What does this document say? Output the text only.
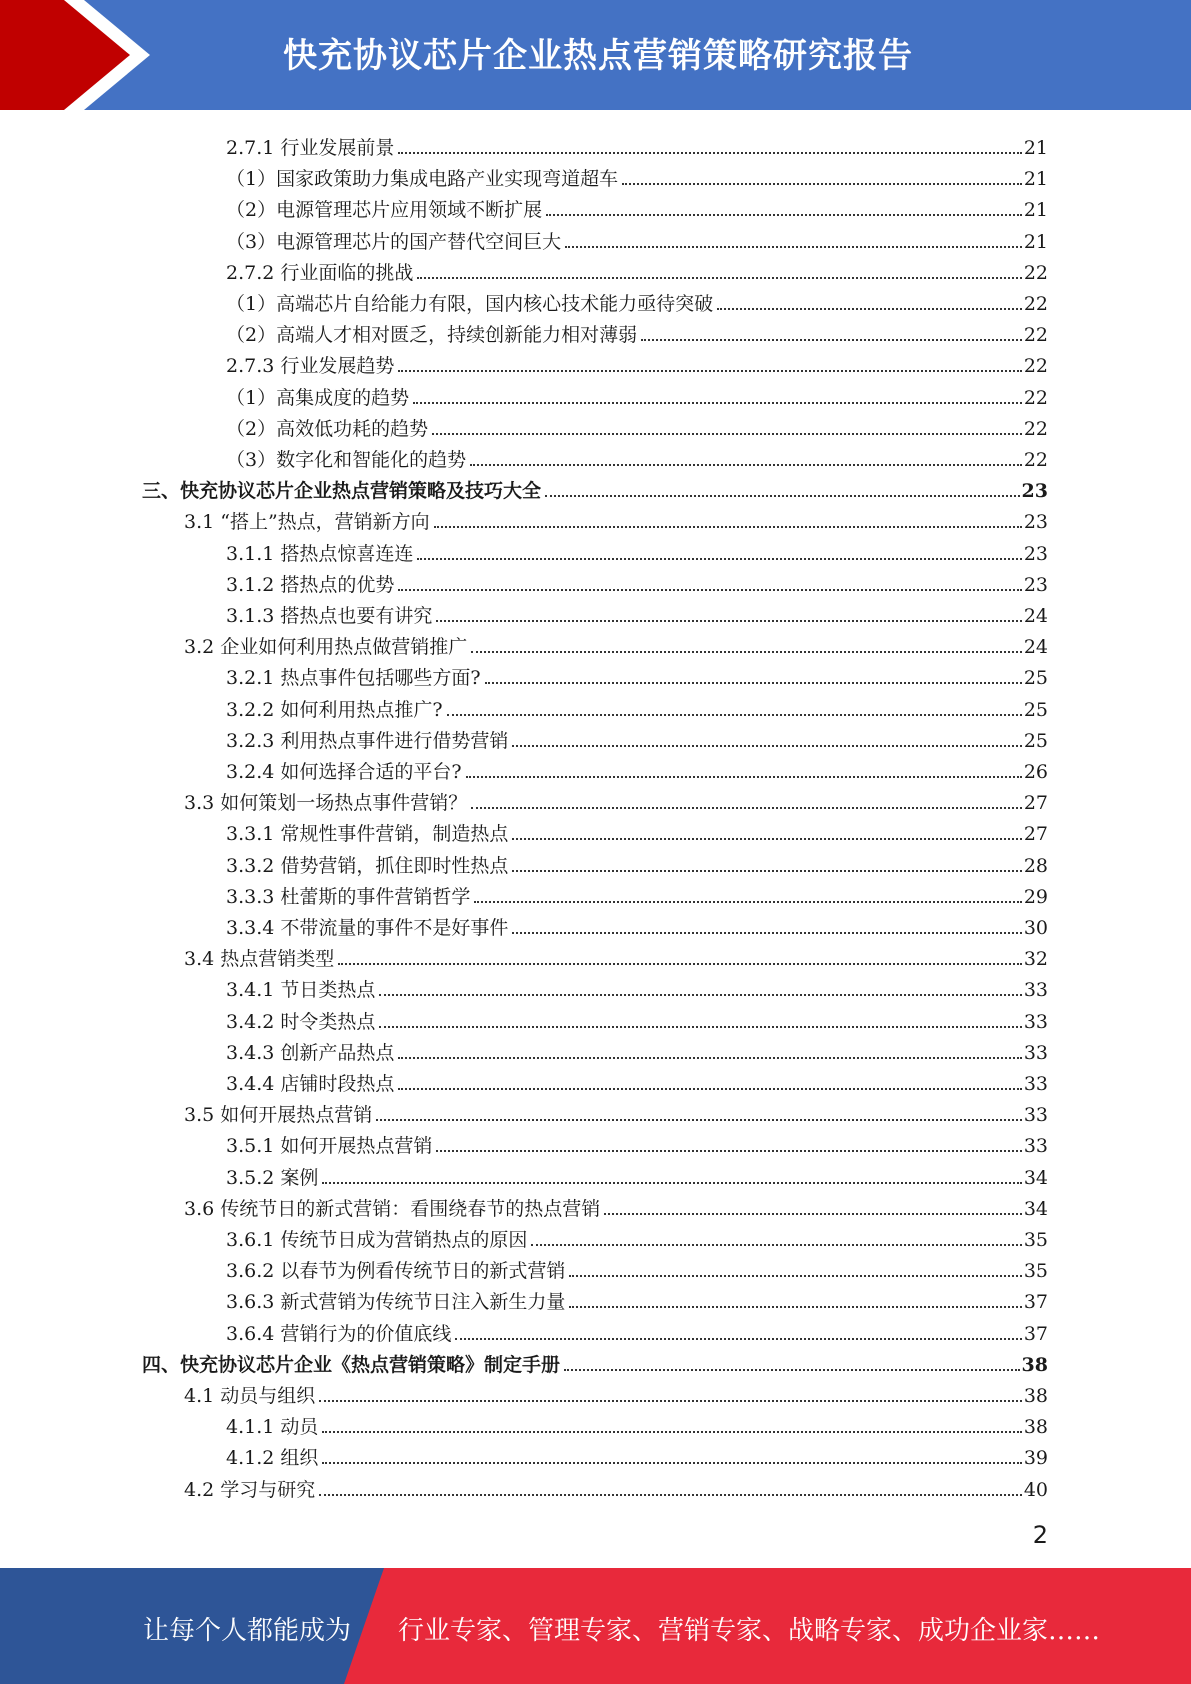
快充协议芯片企业热点营销策略研究报告
2.7.1 行业发展前景	21
（1）国家政策助力集成电路产业实现弯道超车	21
（2）电源管理芯片应用领域不断扩展	21
（3）电源管理芯片的国产替代空间巨大	21
2.7.2 行业面临的挑战	22
（1）高端芯片自给能力有限，国内核心技术能力亟待突破	22
（2）高端人才相对匮乏，持续创新能力相对薄弱	22
2.7.3 行业发展趋势	22
（1）高集成度的趋势	22
（2）高效低功耗的趋势	22
（3）数字化和智能化的趋势	22
三、快充协议芯片企业热点营销策略及技巧大全	23
3.1 “搭上”热点，营销新方向	23
3.1.1 搭热点惊喜连连	23
3.1.2 搭热点的优势	23
3.1.3 搭热点也要有讲究	24
3.2 企业如何利用热点做营销推广	24
3.2.1 热点事件包括哪些方面?	25
3.2.2 如何利用热点推广?	25
3.2.3 利用热点事件进行借势营销	25
3.2.4 如何选择合适的平台?	26
3.3 如何策划一场热点事件营销？	27
3.3.1 常规性事件营销，制造热点	27
3.3.2 借势营销，抓住即时性热点	28
3.3.3 杜蕾斯的事件营销哲学	29
3.3.4 不带流量的事件不是好事件	30
3.4 热点营销类型	32
3.4.1 节日类热点	33
3.4.2 时令类热点	33
3.4.3 创新产品热点	33
3.4.4 店铺时段热点	33
3.5 如何开展热点营销	33
3.5.1 如何开展热点营销	33
3.5.2 案例	34
3.6 传统节日的新式营销：看围绕春节的热点营销	34
3.6.1 传统节日成为营销热点的原因	35
3.6.2 以春节为例看传统节日的新式营销	35
3.6.3 新式营销为传统节日注入新生力量	37
3.6.4 营销行为的价值底线	37
四、快充协议芯片企业《热点营销策略》制定手册	38
4.1 动员与组织	38
4.1.1 动员	38
4.1.2 组织	39
4.2 学习与研究	40
2
让每个人都能成为 行业专家、管理专家、营销专家、战略专家、成功企业家……
